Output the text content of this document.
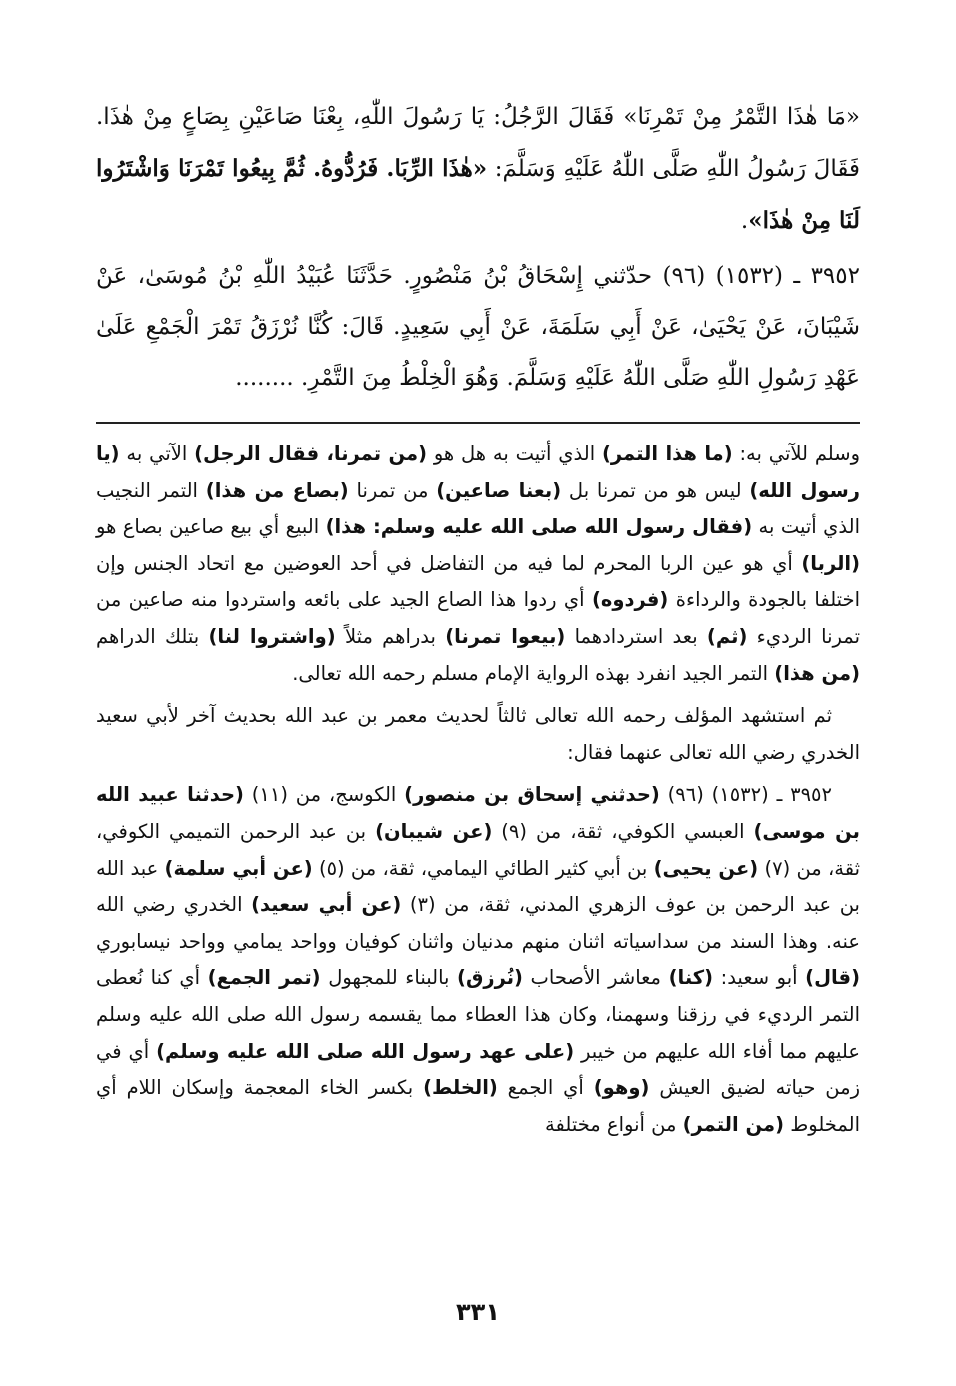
«مَا هٰذَا التَّمْرُ مِنْ تَمْرِنَا» فَقَالَ الرَّجُلُ: يَا رَسُولَ اللّٰهِ، بِعْنَا صَاعَيْنِ بِصَاعٍ مِنْ هٰذَا. فَقَالَ رَسُولُ اللّٰهِ صَلَّى اللّٰهُ عَلَيْهِ وَسَلَّمَ: «هٰذَا الرِّبَا. فَرُدُّوهُ. ثُمَّ بِيعُوا تَمْرَنَا وَاشْتَرُوا لَنَا مِنْ هٰذَا».

٣٩٥٢ ـ (١٥٣٢) (٩٦) حدّثني إِسْحَاقُ بْنُ مَنْصُورٍ. حَدَّثَنَا عُبَيْدُ اللّٰهِ بْنُ مُوسَىٰ، عَنْ شَيْبَانَ، عَنْ يَحْيَىٰ، عَنْ أَبِي سَلَمَةَ، عَنْ أَبِي سَعِيدٍ. قَالَ: كُنَّا نُرْزَقُ تَمْرَ الْجَمْعِ عَلَىٰ عَهْدِ رَسُولِ اللّٰهِ صَلَّى اللّٰهُ عَلَيْهِ وَسَلَّمَ. وَهُوَ الْخِلْطُ مِنَ التَّمْرِ. ........

وسلم للآتي به: (ما هذا التمر) الذي أتيت به هل هو (من تمرنا، فقال الرجل) الآتي به (يا رسول الله) ليس هو من تمرنا بل (بعنا صاعين) من تمرنا (بصاع من هذا) التمر النجيب الذي أتيت به (فقال رسول الله صلى الله عليه وسلم: هذا) البيع أي بيع صاعين بصاع هو (الربا) أي هو عين الربا المحرم لما فيه من التفاضل في أحد العوضين مع اتحاد الجنس وإن اختلفا بالجودة والرداءة (فردوه) أي ردوا هذا الصاع الجيد على بائعه واستردوا منه صاعين من تمرنا الرديء (ثم) بعد استردادهما (بيعوا تمرنا) بدراهم مثلاً (واشتروا لنا) بتلك الدراهم (من هذا) التمر الجيد انفرد بهذه الرواية الإمام مسلم رحمه الله تعالى.

ثم استشهد المؤلف رحمه الله تعالى ثالثاً لحديث معمر بن عبد الله بحديث آخر لأبي سعيد الخدري رضي الله تعالى عنهما فقال:

٣٩٥٢ ـ (١٥٣٢) (٩٦) (حدثني إسحاق بن منصور) الكوسج، من (١١) (حدثنا عبيد الله بن موسى) العبسي الكوفي، ثقة، من (٩) (عن شيبان) بن عبد الرحمن التميمي الكوفي، ثقة، من (٧) (عن يحيى) بن أبي كثير الطائي اليمامي، ثقة، من (٥) (عن أبي سلمة) عبد الله بن عبد الرحمن بن عوف الزهري المدني، ثقة، من (٣) (عن أبي سعيد) الخدري رضي الله عنه. وهذا السند من سداسياته اثنان منهم مدنيان واثنان كوفيان وواحد يمامي وواحد نيسابوري (قال) أبو سعيد: (كنا) معاشر الأصحاب (نُرزق) بالبناء للمجهول (تمر الجمع) أي كنا نُعطى التمر الرديء في رزقنا وسهمنا، وكان هذا العطاء مما يقسمه رسول الله صلى الله عليه وسلم عليهم مما أفاء الله عليهم من خيبر (على عهد رسول الله صلى الله عليه وسلم) أي في زمن حياته لضيق العيش (وهو) أي الجمع (الخلط) بكسر الخاء المعجمة وإسكان اللام أي المخلوط (من التمر) من أنواع مختلفة

٣٣١
